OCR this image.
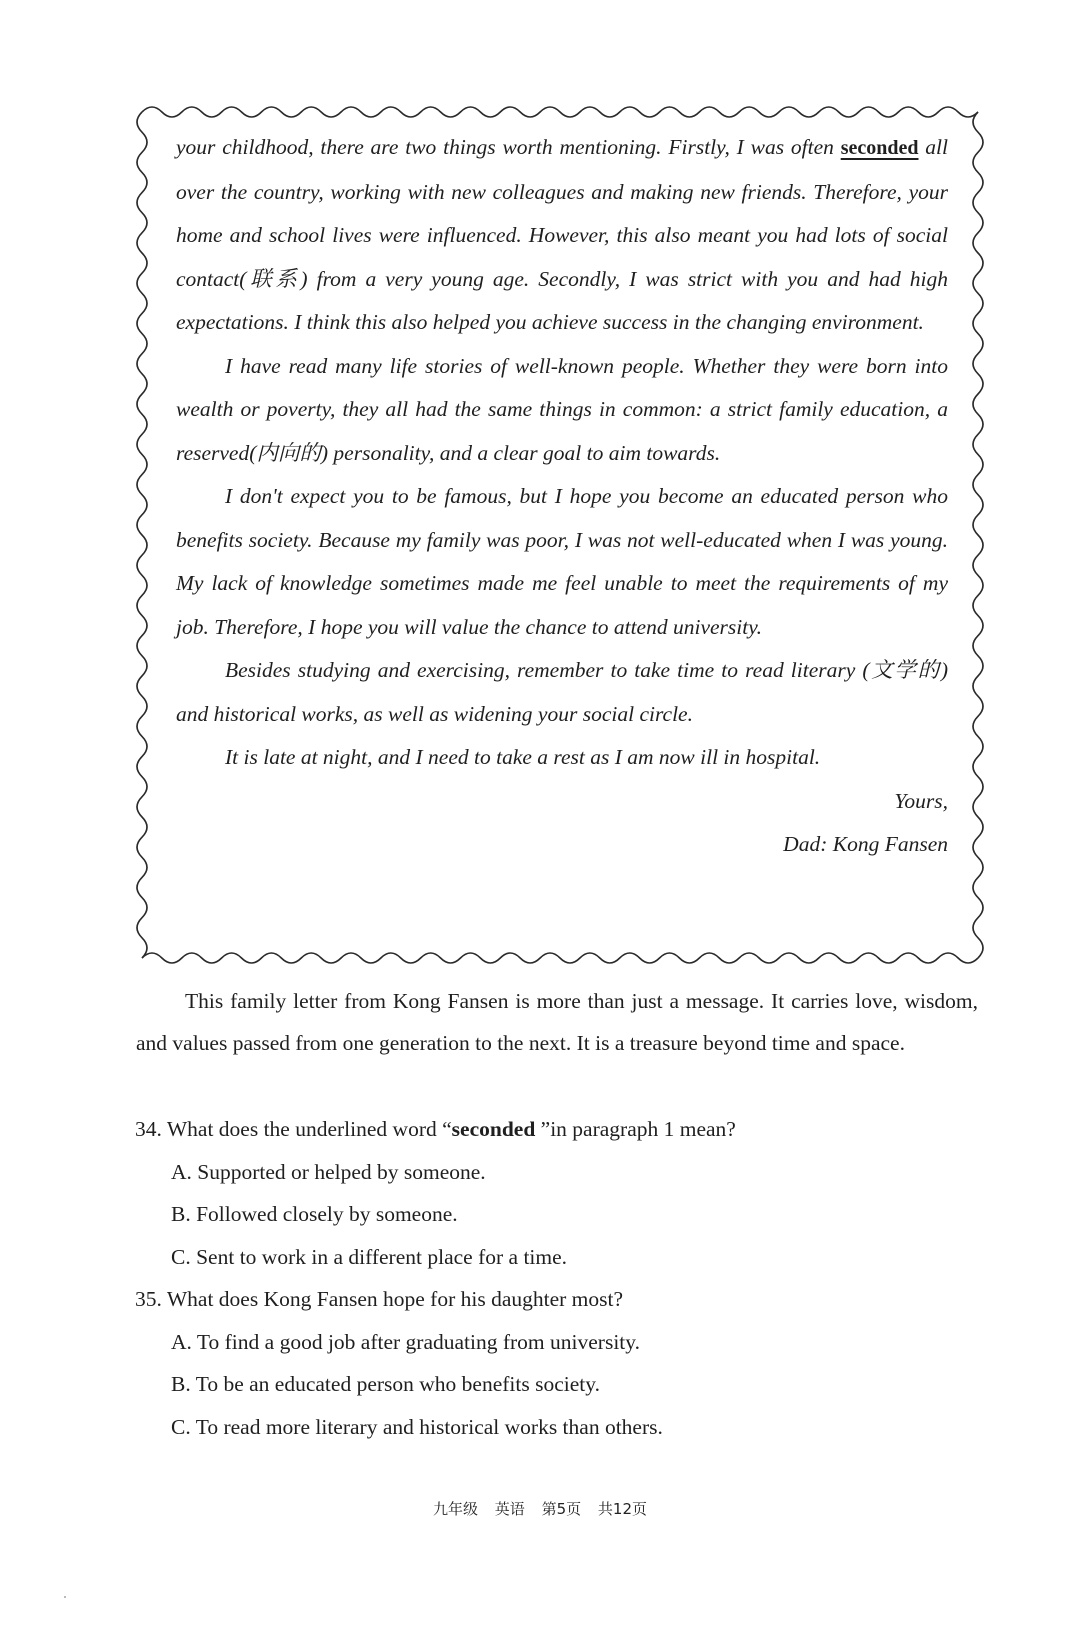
your childhood, there are two things worth mentioning. Firstly, I was often seconded all over the country, working with new colleagues and making new friends. Therefore, your home and school lives were influenced. However, this also meant you had lots of social contact(联系) from a very young age. Secondly, I was strict with you and had high expectations. I think this also helped you achieve success in the changing environment.

I have read many life stories of well-known people. Whether they were born into wealth or poverty, they all had the same things in common: a strict family education, a reserved(内向的) personality, and a clear goal to aim towards.

I don't expect you to be famous, but I hope you become an educated person who benefits society. Because my family was poor, I was not well-educated when I was young. My lack of knowledge sometimes made me feel unable to meet the requirements of my job. Therefore, I hope you will value the chance to attend university.

Besides studying and exercising, remember to take time to read literary (文学的) and historical works, as well as widening your social circle.

It is late at night, and I need to take a rest as I am now ill in hospital.

Yours,

Dad: Kong Fansen

This family letter from Kong Fansen is more than just a message. It carries love, wisdom, and values passed from one generation to the next. It is a treasure beyond time and space.

34. What does the underlined word “seconded ”in paragraph 1 mean?

A. Supported or helped by someone.

B. Followed closely by someone.

C. Sent to work in a different place for a time.

35. What does Kong Fansen hope for his daughter most?

A. To find a good job after graduating from university.

B. To be an educated person who benefits society.

C. To read more literary and historical works than others.

九年级 英语 第5页 共12页
